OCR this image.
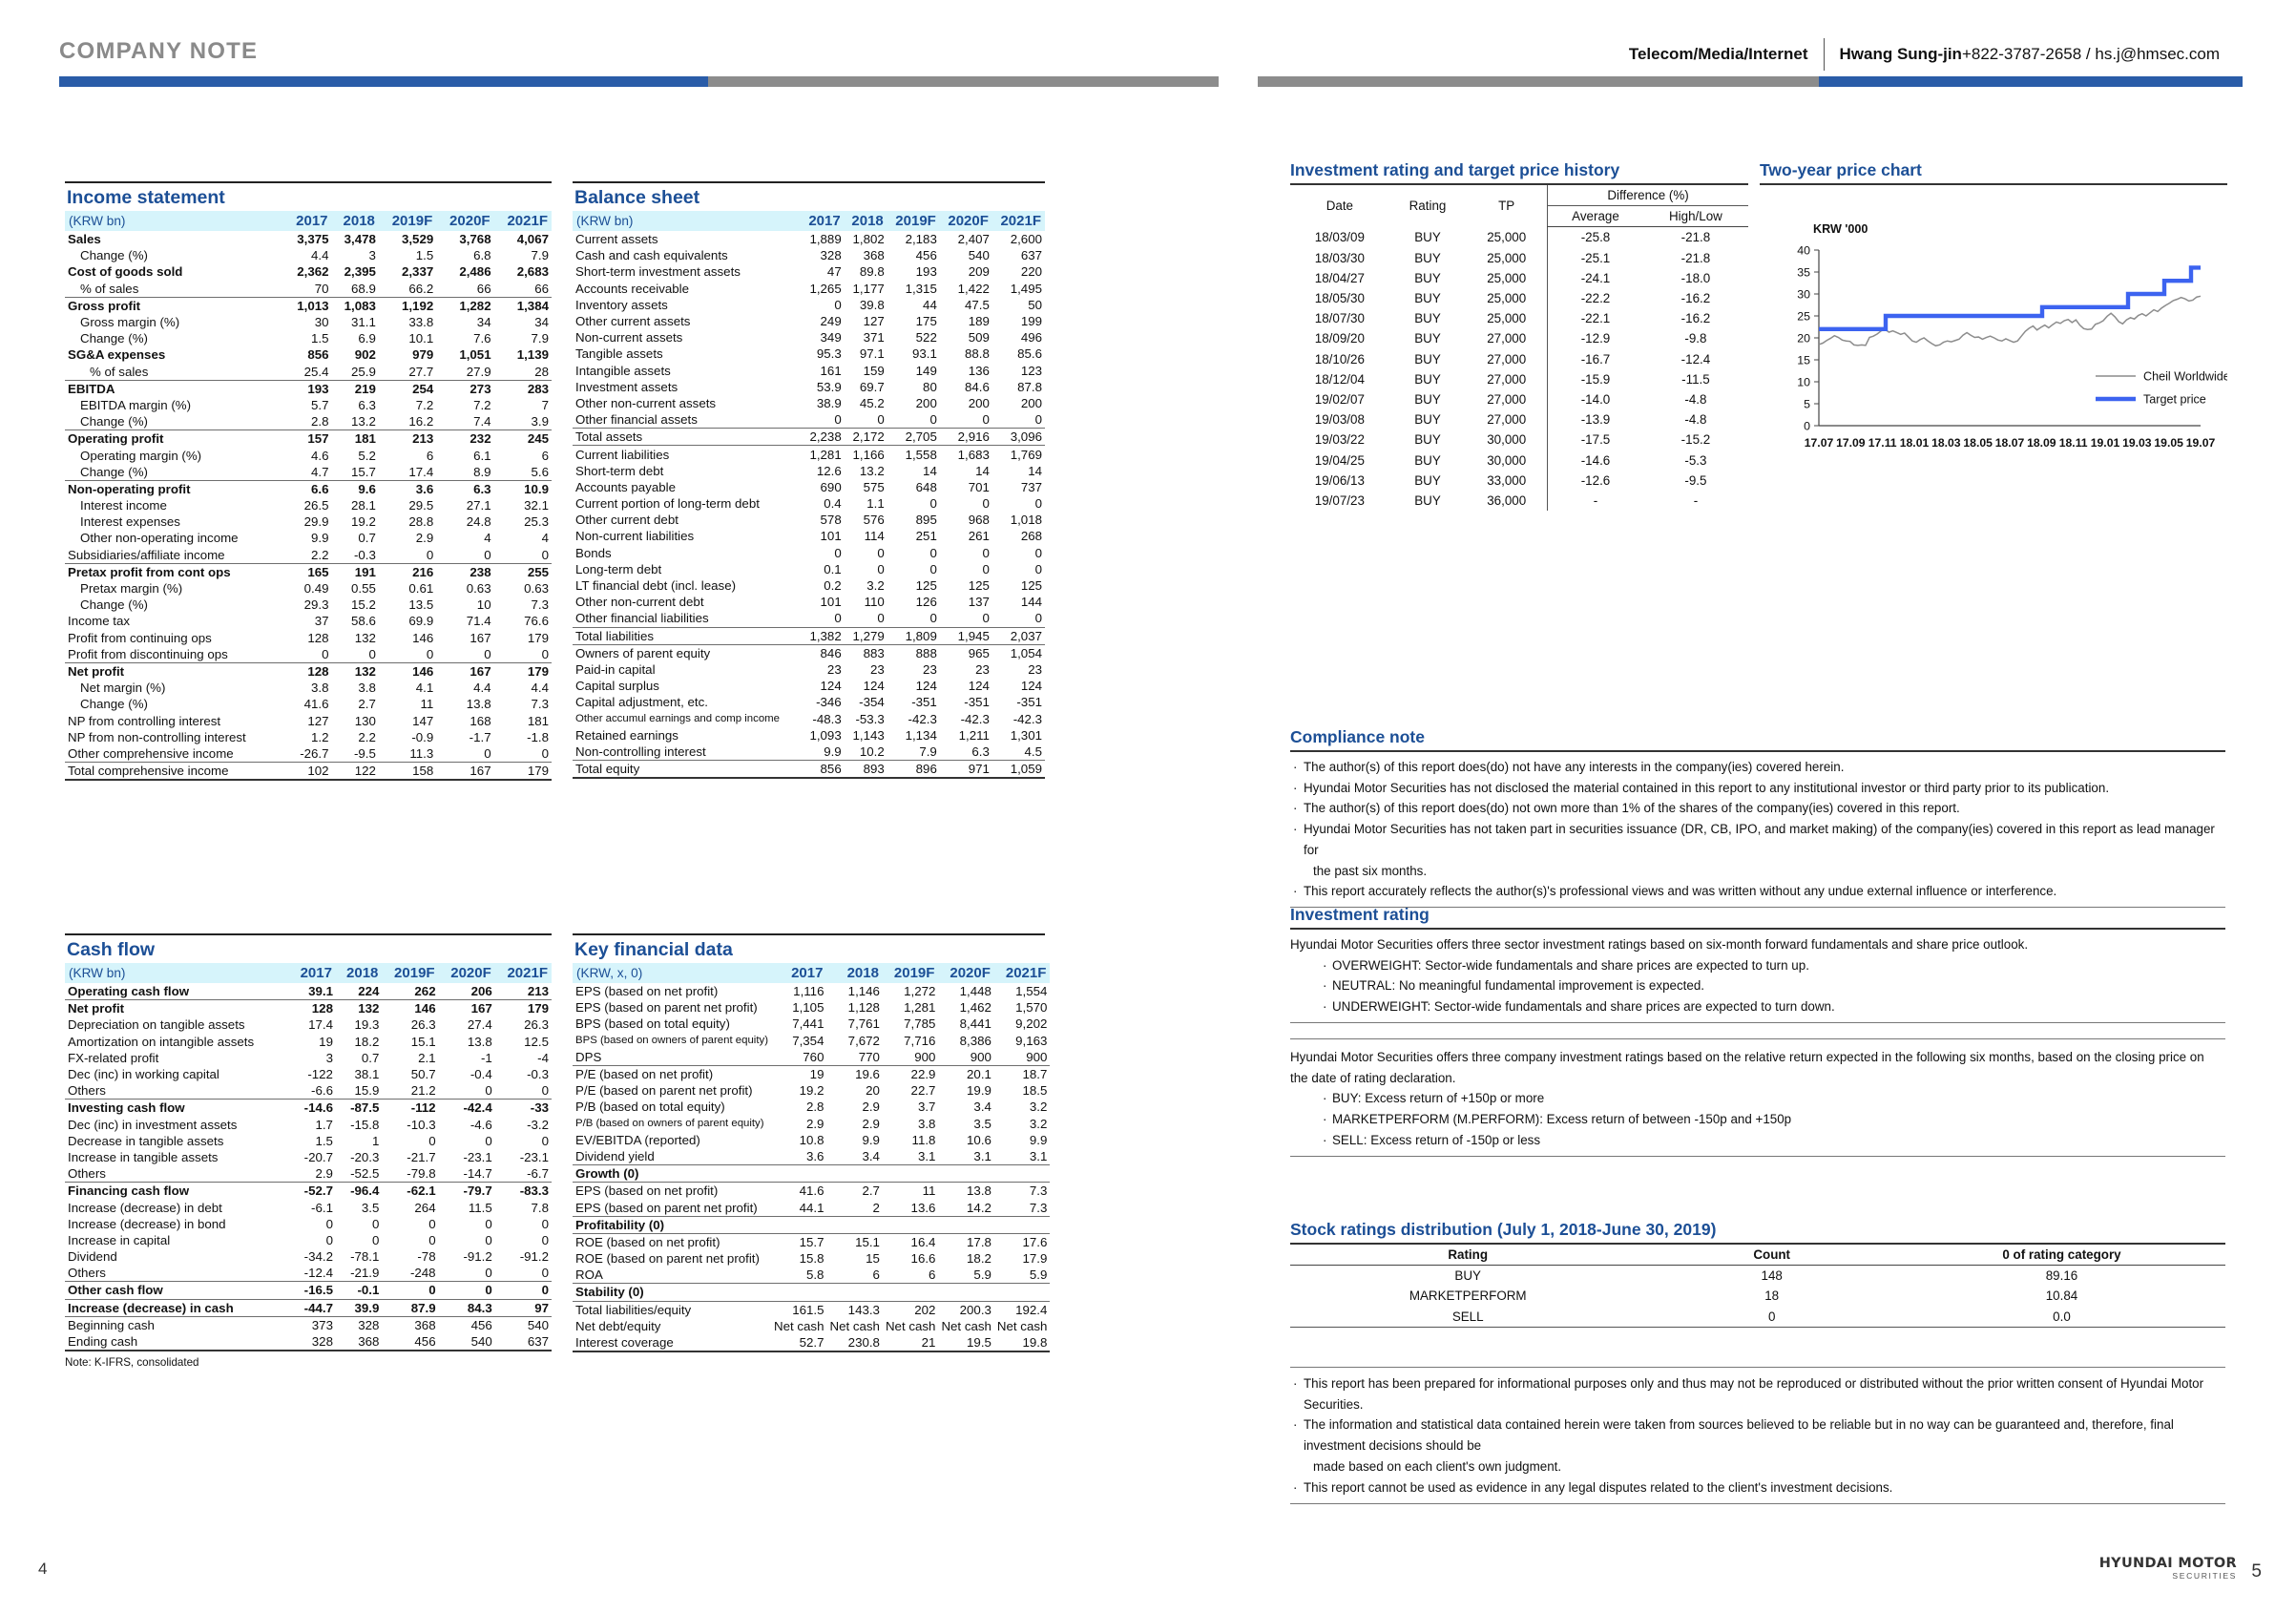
COMPANY NOTE	Telecom/Media/Internet	Hwang Sung-jin+822-3787-2658 / hs.j@hmsec.com
Income statement
(KRW bn)	2017	2018	2019F	2020F	2021F
Sales	3,375	3,478	3,529	3,768	4,067
Change (%)	4.4	3	1.5	6.8	7.9
Cost of goods sold	2,362	2,395	2,337	2,486	2,683
% of sales	70	68.9	66.2	66	66
Gross profit	1,013	1,083	1,192	1,282	1,384
Gross margin (%)	30	31.1	33.8	34	34
Change (%)	1.5	6.9	10.1	7.6	7.9
SG&A expenses	856	902	979	1,051	1,139
% of sales	25.4	25.9	27.7	27.9	28
EBITDA	193	219	254	273	283
EBITDA margin (%)	5.7	6.3	7.2	7.2	7
Change (%)	2.8	13.2	16.2	7.4	3.9
Operating profit	157	181	213	232	245
Operating margin (%)	4.6	5.2	6	6.1	6
Change (%)	4.7	15.7	17.4	8.9	5.6
Non-operating profit	6.6	9.6	3.6	6.3	10.9
Interest income	26.5	28.1	29.5	27.1	32.1
Interest expenses	29.9	19.2	28.8	24.8	25.3
Other non-operating income	9.9	0.7	2.9	4	4
Subsidiaries/affiliate income	2.2	-0.3	0	0	0
Pretax profit from cont ops	165	191	216	238	255
Pretax margin (%)	0.49	0.55	0.61	0.63	0.63
Change (%)	29.3	15.2	13.5	10	7.3
Income tax	37	58.6	69.9	71.4	76.6
Profit from continuing ops	128	132	146	167	179
Profit from discontinuing ops	0	0	0	0	0
Net profit	128	132	146	167	179
Net margin (%)	3.8	3.8	4.1	4.4	4.4
Change (%)	41.6	2.7	11	13.8	7.3
NP from controlling interest	127	130	147	168	181
NP from non-controlling interest	1.2	2.2	-0.9	-1.7	-1.8
Other comprehensive income	-26.7	-9.5	11.3	0	0
Total comprehensive income	102	122	158	167	179
Balance sheet
(KRW bn)	2017	2018	2019F	2020F	2021F
Current assets	1,889	1,802	2,183	2,407	2,600
Cash and cash equivalents	328	368	456	540	637
Short-term investment assets	47	89.8	193	209	220
Accounts receivable	1,265	1,177	1,315	1,422	1,495
Inventory assets	0	39.8	44	47.5	50
Other current assets	249	127	175	189	199
Non-current assets	349	371	522	509	496
Tangible assets	95.3	97.1	93.1	88.8	85.6
Intangible assets	161	159	149	136	123
Investment assets	53.9	69.7	80	84.6	87.8
Other non-current assets	38.9	45.2	200	200	200
Other financial assets	0	0	0	0	0
Total assets	2,238	2,172	2,705	2,916	3,096
Current liabilities	1,281	1,166	1,558	1,683	1,769
Short-term debt	12.6	13.2	14	14	14
Accounts payable	690	575	648	701	737
Current portion of long-term debt	0.4	1.1	0	0	0
Other current debt	578	576	895	968	1,018
Non-current liabilities	101	114	251	261	268
Bonds	0	0	0	0	0
Long-term debt	0.1	0	0	0	0
LT financial debt (incl. lease)	0.2	3.2	125	125	125
Other non-current debt	101	110	126	137	144
Other financial liabilities	0	0	0	0	0
Total liabilities	1,382	1,279	1,809	1,945	2,037
Owners of parent equity	846	883	888	965	1,054
Paid-in capital	23	23	23	23	23
Capital surplus	124	124	124	124	124
Capital adjustment, etc.	-346	-354	-351	-351	-351
Other accumul earnings and comp income	-48.3	-53.3	-42.3	-42.3	-42.3
Retained earnings	1,093	1,143	1,134	1,211	1,301
Non-controlling interest	9.9	10.2	7.9	6.3	4.5
Total equity	856	893	896	971	1,059
Cash flow
(KRW bn)	2017	2018	2019F	2020F	2021F
Operating cash flow	39.1	224	262	206	213
Net profit	128	132	146	167	179
Depreciation on tangible assets	17.4	19.3	26.3	27.4	26.3
Amortization on intangible assets	19	18.2	15.1	13.8	12.5
FX-related profit	3	0.7	2.1	-1	-4
Dec (inc) in working capital	-122	38.1	50.7	-0.4	-0.3
Others	-6.6	15.9	21.2	0	0
Investing cash flow	-14.6	-87.5	-112	-42.4	-33
Dec (inc) in investment assets	1.7	-15.8	-10.3	-4.6	-3.2
Decrease in tangible assets	1.5	1	0	0	0
Increase in tangible assets	-20.7	-20.3	-21.7	-23.1	-23.1
Others	2.9	-52.5	-79.8	-14.7	-6.7
Financing cash flow	-52.7	-96.4	-62.1	-79.7	-83.3
Increase (decrease) in debt	-6.1	3.5	264	11.5	7.8
Increase (decrease) in bond	0	0	0	0	0
Increase in capital	0	0	0	0	0
Dividend	-34.2	-78.1	-78	-91.2	-91.2
Others	-12.4	-21.9	-248	0	0
Other cash flow	-16.5	-0.1	0	0	0
Increase (decrease) in cash	-44.7	39.9	87.9	84.3	97
Beginning cash	373	328	368	456	540
Ending cash	328	368	456	540	637
Note: K-IFRS, consolidated
Key financial data
(KRW, x, 0)	2017	2018	2019F	2020F	2021F
EPS (based on net profit)	1,116	1,146	1,272	1,448	1,554
EPS (based on parent net profit)	1,105	1,128	1,281	1,462	1,570
BPS (based on total equity)	7,441	7,761	7,785	8,441	9,202
BPS (based on owners of parent equity)	7,354	7,672	7,716	8,386	9,163
DPS	760	770	900	900	900
P/E (based on net profit)	19	19.6	22.9	20.1	18.7
P/E (based on parent net profit)	19.2	20	22.7	19.9	18.5
P/B (based on total equity)	2.8	2.9	3.7	3.4	3.2
P/B (based on owners of parent equity)	2.9	2.9	3.8	3.5	3.2
EV/EBITDA (reported)	10.8	9.9	11.8	10.6	9.9
Dividend yield	3.6	3.4	3.1	3.1	3.1
Growth (0)					
EPS (based on net profit)	41.6	2.7	11	13.8	7.3
EPS (based on parent net profit)	44.1	2	13.6	14.2	7.3
Profitability (0)					
ROE (based on net profit)	15.7	15.1	16.4	17.8	17.6
ROE (based on parent net profit)	15.8	15	16.6	18.2	17.9
ROA	5.8	6	6	5.9	5.9
Stability (0)					
Total liabilities/equity	161.5	143.3	202	200.3	192.4
Net debt/equity	Net cash	Net cash	Net cash	Net cash	Net cash
Interest coverage	52.7	230.8	21	19.5	19.8
Investment rating and target price history
Date	Rating	TP	Difference (%)	
			Average	High/Low
18/03/09	BUY	25,000	-25.8	-21.8
18/03/30	BUY	25,000	-25.1	-21.8
18/04/27	BUY	25,000	-24.1	-18.0
18/05/30	BUY	25,000	-22.2	-16.2
18/07/30	BUY	25,000	-22.1	-16.2
18/09/20	BUY	27,000	-12.9	-9.8
18/10/26	BUY	27,000	-16.7	-12.4
18/12/04	BUY	27,000	-15.9	-11.5
19/02/07	BUY	27,000	-14.0	-4.8
19/03/08	BUY	27,000	-13.9	-4.8
19/03/22	BUY	30,000	-17.5	-15.2
19/04/25	BUY	30,000	-14.6	-5.3
19/06/13	BUY	33,000	-12.6	-9.5
19/07/23	BUY	36,000	-	-
Two-year price chart
KRW '000
0
5
10
15
20
25
30
35
40
17.07 17.09 17.11 18.01 18.03 18.05 18.07 18.09 18.11 19.01 19.03 19.05 19.07
Cheil Worldwide
Target price
Compliance note

· The author(s) of this report does(do) not have any interests in the company(ies) covered herein.

· Hyundai Motor Securities has not disclosed the material contained in this report to any institutional investor or third party prior to its publication.

· The author(s) of this report does(do) not own more than 1% of the shares of the company(ies) covered in this report.

· Hyundai Motor Securities has not taken part in securities issuance (DR, CB, IPO, and market making) of the company(ies) covered in this report as lead manager for

the past six months.

· This report accurately reflects the author(s)'s professional views and was written without any undue external influence or interference.

Investment rating

Hyundai Motor Securities offers three sector investment ratings based on six-month forward fundamentals and share price outlook.

· OVERWEIGHT: Sector-wide fundamentals and share prices are expected to turn up.

· NEUTRAL: No meaningful fundamental improvement is expected.

· UNDERWEIGHT: Sector-wide fundamentals and share prices are expected to turn down.

Hyundai Motor Securities offers three company investment ratings based on the relative return expected in the following six months, based on the closing price on

the date of rating declaration.

· BUY: Excess return of +150p or more

· MARKETPERFORM (M.PERFORM): Excess return of between -150p and +150p

· SELL: Excess return of -150p or less

Stock ratings distribution (July 1, 2018-June 30, 2019)
Rating	Count	0 of rating category
BUY	148	89.16
MARKETPERFORM	18	10.84
SELL	0	0.0

· This report has been prepared for informational purposes only and thus may not be reproduced or distributed without the prior written consent of Hyundai Motor Securities.

· The information and statistical data contained herein were taken from sources believed to be reliable but in no way can be guaranteed and, therefore, final investment decisions should be

made based on each client's own judgment.

· This report cannot be used as evidence in any legal disputes related to the client's investment decisions.

4	HYUNDAI MOTOR
SECURITIES 5
